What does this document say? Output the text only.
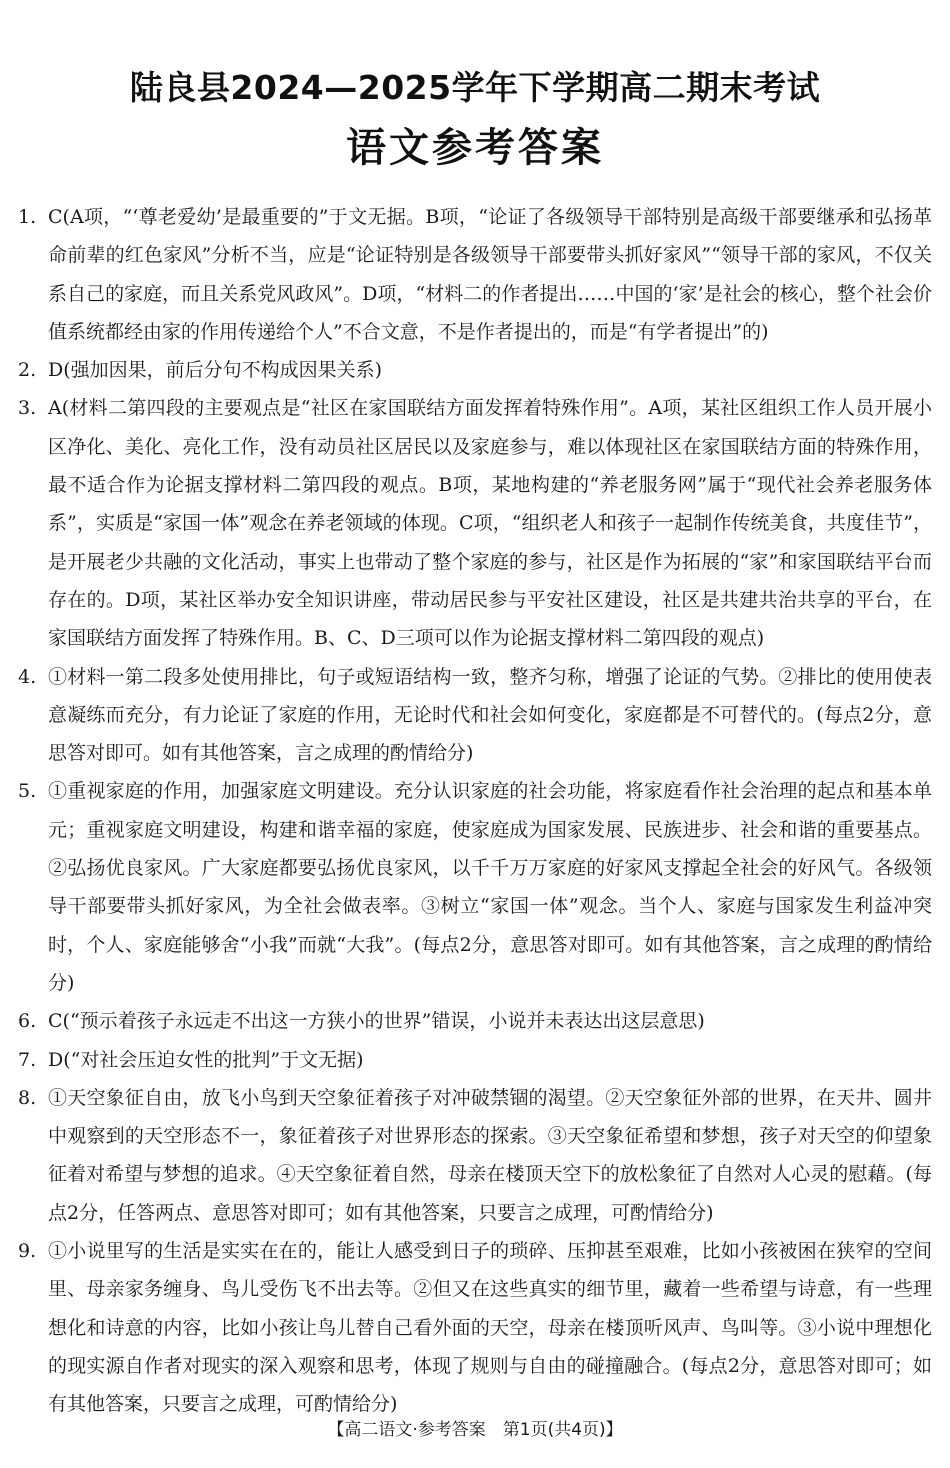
陆良县2024—2025学年下学期高二期末考试
语文参考答案
1. C(A项，“‘尊老爱幼’是最重要的”于文无据。B项，“论证了各级领导干部特别是高级干部要继承和弘扬革命前辈的红色家风”分析不当，应是“论证特别是各级领导干部要带头抓好家风”“领导干部的家风，不仅关系自己的家庭，而且关系党风政风”。D项，“材料二的作者提出……中国的‘家’是社会的核心，整个社会价值系统都经由家的作用传递给个人”不合文意，不是作者提出的，而是“有学者提出”的)
2. D(强加因果，前后分句不构成因果关系)
3. A(材料二第四段的主要观点是“社区在家国联结方面发挥着特殊作用”。A项，某社区组织工作人员开展小区净化、美化、亮化工作，没有动员社区居民以及家庭参与，难以体现社区在家国联结方面的特殊作用，最不适合作为论据支撑材料二第四段的观点。B项，某地构建的“养老服务网”属于“现代社会养老服务体系”，实质是“家国一体”观念在养老领域的体现。C项，“组织老人和孩子一起制作传统美食，共度佳节”，是开展老少共融的文化活动，事实上也带动了整个家庭的参与，社区是作为拓展的“家”和家国联结平台而存在的。D项，某社区举办安全知识讲座，带动居民参与平安社区建设，社区是共建共治共享的平台，在家国联结方面发挥了特殊作用。B、C、D三项可以作为论据支撑材料二第四段的观点)
4. ①材料一第二段多处使用排比，句子或短语结构一致，整齐匀称，增强了论证的气势。②排比的使用使表意凝练而充分，有力论证了家庭的作用，无论时代和社会如何变化，家庭都是不可替代的。(每点2分，意思答对即可。如有其他答案，言之成理的酌情给分)
5. ①重视家庭的作用，加强家庭文明建设。充分认识家庭的社会功能，将家庭看作社会治理的起点和基本单元；重视家庭文明建设，构建和谐幸福的家庭，使家庭成为国家发展、民族进步、社会和谐的重要基点。②弘扬优良家风。广大家庭都要弘扬优良家风，以千千万万家庭的好家风支撑起全社会的好风气。各级领导干部要带头抓好家风，为全社会做表率。③树立“家国一体”观念。当个人、家庭与国家发生利益冲突时，个人、家庭能够舍“小我”而就“大我”。(每点2分，意思答对即可。如有其他答案，言之成理的酌情给分)
6. C(“预示着孩子永远走不出这一方狭小的世界”错误，小说并未表达出这层意思)
7. D(“对社会压迫女性的批判”于文无据)
8. ①天空象征自由，放飞小鸟到天空象征着孩子对冲破禁锢的渴望。②天空象征外部的世界，在天井、圆井中观察到的天空形态不一，象征着孩子对世界形态的探索。③天空象征希望和梦想，孩子对天空的仰望象征着对希望与梦想的追求。④天空象征着自然，母亲在楼顶天空下的放松象征了自然对人心灵的慰藉。(每点2分，任答两点、意思答对即可；如有其他答案，只要言之成理，可酌情给分)
9. ①小说里写的生活是实实在在的，能让人感受到日子的琐碎、压抑甚至艰难，比如小孩被困在狭窄的空间里、母亲家务缠身、鸟儿受伤飞不出去等。②但又在这些真实的细节里，藏着一些希望与诗意，有一些理想化和诗意的内容，比如小孩让鸟儿替自己看外面的天空，母亲在楼顶听风声、鸟叫等。③小说中理想化的现实源自作者对现实的深入观察和思考，体现了规则与自由的碰撞融合。(每点2分，意思答对即可；如有其他答案，只要言之成理，可酌情给分)
【高二语文·参考答案　第1页(共4页)】
